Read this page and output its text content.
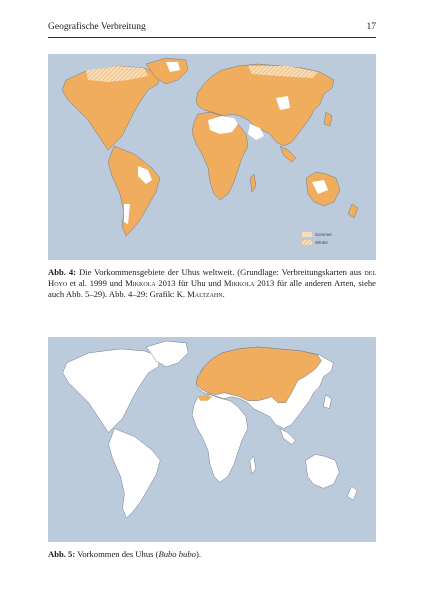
Geografische Verbreitung	17
Sommer
Winter
Abb. 4: Die Vorkommensgebiete der Uhus weltweit. (Grundlage: Verbreitungskarten aus del Hoyo et al. 1999 und Mikkola 2013 für Uhu und Mikkola 2013 für alle anderen Arten, siehe auch Abb. 5–29). Abb. 4–29: Grafik: K. Maltzahn.
Abb. 5: Vorkommen des Uhus (Bubo bubo).
